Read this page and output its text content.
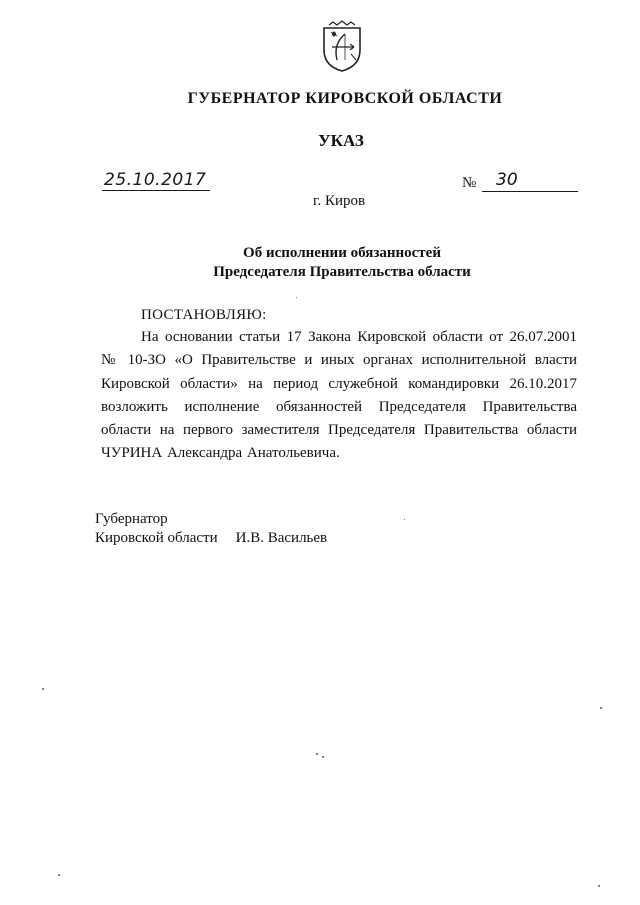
ГУБЕРНАТОР КИРОВСКОЙ ОБЛАСТИ
УКАЗ
25.10.2017	№ 30
г. Киров
Об исполнении обязанностей
Председателя Правительства области
ПОСТАНОВЛЯЮ:
На основании статьи 17 Закона Кировской области от 26.07.2001 № 10-ЗО «О Правительстве и иных органах исполнительной власти Кировской области» на период служебной командировки 26.10.2017 возложить исполнение обязанностей Председателя Правительства области на первого заместителя Председателя Правительства области ЧУРИНА Александра Анатольевича.
Губернатор
Кировской области И.В. Васильев
